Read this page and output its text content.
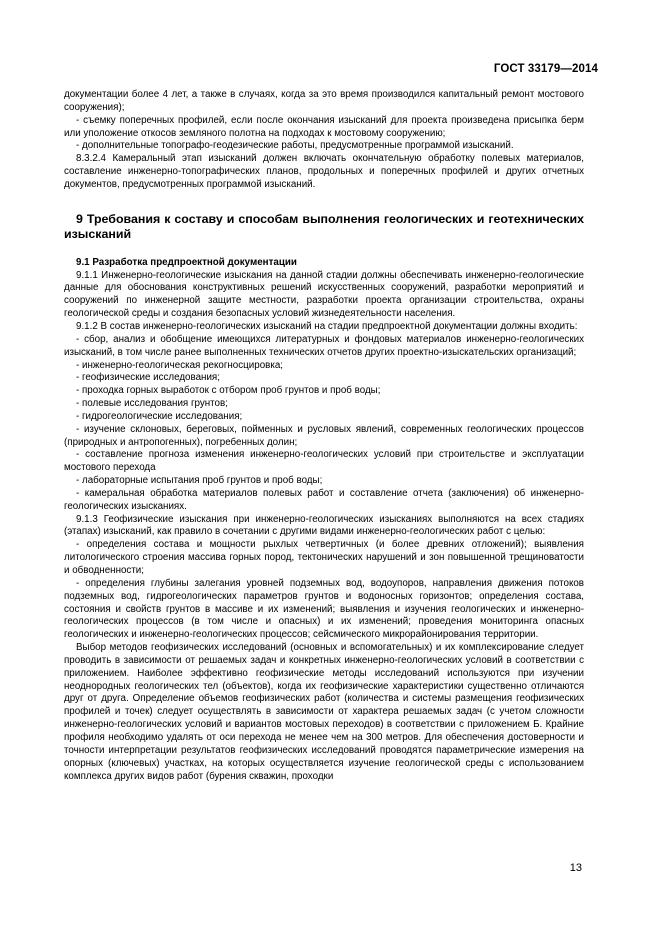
ГОСТ 33179—2014

документации более 4 лет, а также в случаях, когда за это время производился капитальный ремонт мостового сооружения);

- съемку поперечных профилей, если после окончания изысканий для проекта произведена присыпка берм или уположение откосов земляного полотна на подходах к мостовому сооружению;

- дополнительные топографо-геодезические работы, предусмотренные программой изысканий.

8.3.2.4 Камеральный этап изысканий должен включать окончательную обработку полевых материалов, составление инженерно-топографических планов, продольных и поперечных профилей и других отчетных документов, предусмотренных программой изысканий.

9 Требования к составу и способам выполнения геологических и геотехнических изысканий

9.1 Разработка предпроектной документации

9.1.1 Инженерно-геологические изыскания на данной стадии должны обеспечивать инженерно-геологические данные для обоснования конструктивных решений искусственных сооружений, разработки мероприятий и сооружений по инженерной защите местности, разработки проекта организации строительства, охраны геологической среды и создания безопасных условий жизнедеятельности населения.

9.1.2 В состав инженерно-геологических изысканий на стадии предпроектной документации должны входить:

- сбор, анализ и обобщение имеющихся литературных и фондовых материалов инженерно-геологических изысканий, в том числе ранее выполненных технических отчетов других проектно-изыскательских организаций;

- инженерно-геологическая рекогносцировка;

- геофизические исследования;

- проходка горных выработок с отбором проб грунтов и проб воды;

- полевые исследования грунтов;

- гидрогеологические исследования;

- изучение склоновых, береговых, пойменных и русловых явлений, современных геологических процессов (природных и антропогенных), погребенных долин;

- составление прогноза изменения инженерно-геологических условий при строительстве и эксплуатации мостового перехода

- лабораторные испытания проб грунтов и проб воды;

- камеральная обработка материалов полевых работ и составление отчета (заключения) об инженерно-геологических изысканиях.

9.1.3 Геофизические изыскания при инженерно-геологических изысканиях выполняются на всех стадиях (этапах) изысканий, как правило в сочетании с другими видами инженерно-геологических работ с целью:

- определения состава и мощности рыхлых четвертичных (и более древних отложений); выявления литологического строения массива горных пород, тектонических нарушений и зон повышенной трещиноватости и обводненности;

- определения глубины залегания уровней подземных вод, водоупоров, направления движения потоков подземных вод, гидрогеологических параметров грунтов и водоносных горизонтов; определения состава, состояния и свойств грунтов в массиве и их изменений; выявления и изучения геологических и инженерно-геологических процессов (в том числе и опасных) и их изменений; проведения мониторинга опасных геологических и инженерно-геологических процессов; сейсмического микрорайонирования территории.

Выбор методов геофизических исследований (основных и вспомогательных) и их комплексирование следует проводить в зависимости от решаемых задач и конкретных инженерно-геологических условий в соответствии с приложением. Наиболее эффективно геофизические методы исследований используются при изучении неоднородных геологических тел (объектов), когда их геофизические характеристики существенно отличаются друг от друга. Определение объемов геофизических работ (количества и системы размещения геофизических профилей и точек) следует осуществлять в зависимости от характера решаемых задач (с учетом сложности инженерно-геологических условий и вариантов мостовых переходов) в соответствии с приложением Б. Крайние профиля необходимо удалять от оси перехода не менее чем на 300 метров. Для обеспечения достоверности и точности интерпретации результатов геофизических исследований проводятся параметрические измерения на опорных (ключевых) участках, на которых осуществляется изучение геологической среды с использованием комплекса других видов работ (бурения скважин, проходки

13
